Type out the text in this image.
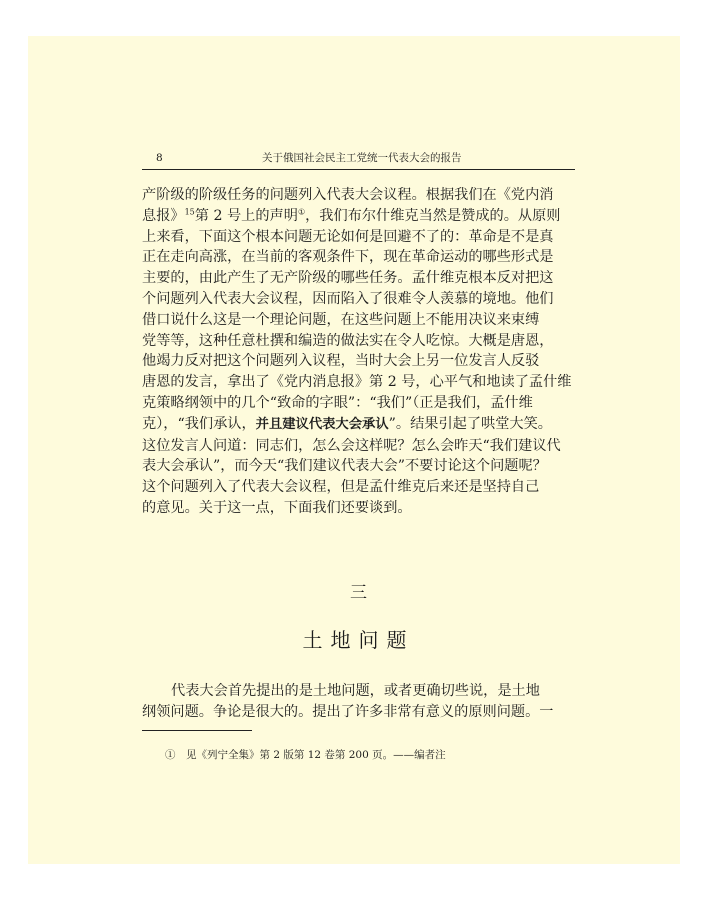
8	关于俄国社会民主工党统一代表大会的报告
产阶级的阶级任务的问题列入代表大会议程。根据我们在《党内消
息报》$^{15}$第 2 号上的声明①，我们布尔什维克当然是赞成的。从原则
上来看，下面这个根本问题无论如何是回避不了的：革命是不是真
正在走向高涨，在当前的客观条件下，现在革命运动的哪些形式是
主要的，由此产生了无产阶级的哪些任务。孟什维克根本反对把这
个问题列入代表大会议程，因而陷入了很难令人羡慕的境地。他们
借口说什么这是一个理论问题，在这些问题上不能用决议来束缚
党等等，这种任意杜撰和编造的做法实在令人吃惊。大概是唐恩，
他竭力反对把这个问题列入议程，当时大会上另一位发言人反驳
唐恩的发言，拿出了《党内消息报》第 2 号，心平气和地读了孟什维
克策略纲领中的几个“致命的字眼”：“我们”（正是我们，孟什维
克），“我们承认，并且建议代表大会承认”。结果引起了哄堂大笑。
这位发言人问道：同志们，怎么会这样呢？怎么会昨天“我们建议代
表大会承认”，而今天“我们建议代表大会”不要讨论这个问题呢？
这个问题列入了代表大会议程，但是孟什维克后来还是坚持自己
的意见。关于这一点，下面我们还要谈到。
三
土地问题
代表大会首先提出的是土地问题，或者更确切些说，是土地
纲领问题。争论是很大的。提出了许多非常有意义的原则问题。一
①　见《列宁全集》第 2 版第 12 卷第 200 页。——编者注
